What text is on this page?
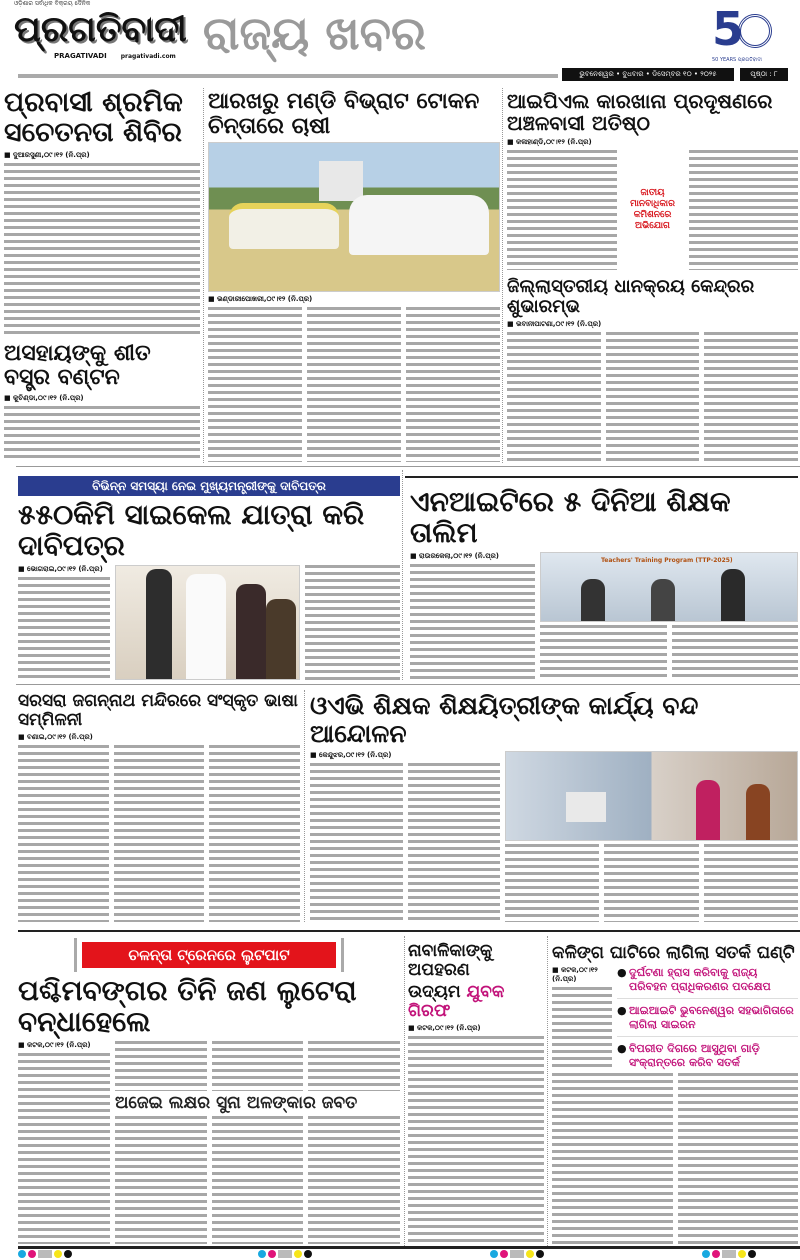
ଓଡ଼ିଶାର ସର୍ବାଧିକ ବିକ୍ରୟ ଦୈନିକ
ପ୍ରଗତିବାଦୀ
PRAGATIVADI pragativadi.com ରାଜ୍ୟ ଖବର	5
50 YEARS ପ୍ରଗତିବାଦୀ
ଭୁବନେଶ୍ୱର • ବୁଧବାର • ଡିସେମ୍ବର ୧୦ • ୨୦୨୫	ପୃଷ୍ଠା : ୮
ପ୍ରବାସୀ ଶ୍ରମିକ ସଚେତନତା ଶିବିର
■ ଦୁଆରସୁଣୀ,୦୯।୧୨ (ନି.ପ୍ର)
ଅସହାୟଙ୍କୁ ଶୀତ ବସ୍ତ୍ର ବଣ୍ଟନ
■ କୁଚିଣ୍ଡା,୦୯।୧୨ (ନି.ପ୍ର)
ଆରଖରୁ ମଣ୍ଡି ବିଭ୍ରାଟ ଟୋକନ ଚିନ୍ତାରେ ଚାଷୀ
■ ଭଣ୍ଡାରୀପୋଖରୀ,୦୯।୧୨ (ନି.ପ୍ର)
ଆଇପିଏଲ କାରଖାନା ପ୍ରଦୂଷଣରେ ଅଞ୍ଚଳବାସୀ ଅତିଷ୍ଠ
■ କଳାହାଣ୍ଡି,୦୯।୧୨ (ନି.ପ୍ର)
ଜାତୀୟ ମାନବାଧିକାର କମିଶନରେ ଅଭିଯୋଗ
ଜିଲ୍ଲାସ୍ତରୀୟ ଧାନକ୍ରୟ କେନ୍ଦ୍ରର ଶୁଭାରମ୍ଭ
■ ଭବାନୀପାଟଣା,୦୯।୧୨ (ନି.ପ୍ର)
ବିଭିନ୍ନ ସମସ୍ୟା ନେଇ ମୁଖ୍ୟମନ୍ତ୍ରୀଙ୍କୁ ଦାବିପତ୍ର
୫୫୦କିମି ସାଇକେଲ ଯାତ୍ରା କରି ଦାବିପତ୍ର
■ ଭୋଗରାଇ,୦୯।୧୨ (ନି.ପ୍ର)
ଏନଆଇଟିରେ ୫ ଦିନିଆ ଶିକ୍ଷକ ତାଲିମ
■ ରାଉରକେଲା,୦୯।୧୨ (ନି.ପ୍ର)
Teachers' Training Program (TTP-2025)
ସରସରା ଜଗନ୍ନାଥ ମନ୍ଦିରରେ ସଂସ୍କୃତ ଭାଷା ସମ୍ମିଳନୀ
■ ବଣାଇ,୦୯।୧୨ (ନି.ପ୍ର)
ଓଏଭି ଶିକ୍ଷକ ଶିକ୍ଷୟିତ୍ରୀଙ୍କ କାର୍ଯ୍ୟ ବନ୍ଦ ଆନ୍ଦୋଳନ
■ କେନ୍ଦୁଝର,୦୯।୧୨ (ନି.ପ୍ର)
ଚଳନ୍ତା ଟ୍ରେନରେ ଲୁଟପାଟ
ପଶ୍ଚିମବଙ୍ଗର ତିନି ଜଣ ଲୁଟେରା ବନ୍ଧାହେଲେ
■ କଟକ,୦୯।୧୨ (ନି.ପ୍ର)
ଅଜେଇ ଲକ୍ଷର ସୁନା ଅଳଙ୍କାର ଜବତ
ନାବାଳିକାଙ୍କୁ ଅପହରଣ
ଉଦ୍ୟମ ଯୁବକ ଗିରଫ
■ କଟକ,୦୯।୧୨ (ନି.ପ୍ର)
କଳିଙ୍ଗ ଘାଟିରେ ଲାଗିଲା ସତର୍କ ଘଣ୍ଟି
■ କଟକ,୦୯।୧୨ (ନି.ପ୍ର)	● ଦୁର୍ଘଟଣା ହ୍ରାସ କରିବାକୁ ରାଜ୍ୟ ପରିବହନ ପ୍ରାଧିକରଣର ପଦକ୍ଷେପ
● ଆଇଆଇଟି ଭୁବନେଶ୍ୱର ସହଭାଗିତାରେ ଲାଗିଲା ସାଇରନ
● ବିପରୀତ ଦିଗରେ ଆସୁଥିବା ଗାଡ଼ି ସଂକ୍ରାନ୍ତରେ କରିବ ସତର୍କ
